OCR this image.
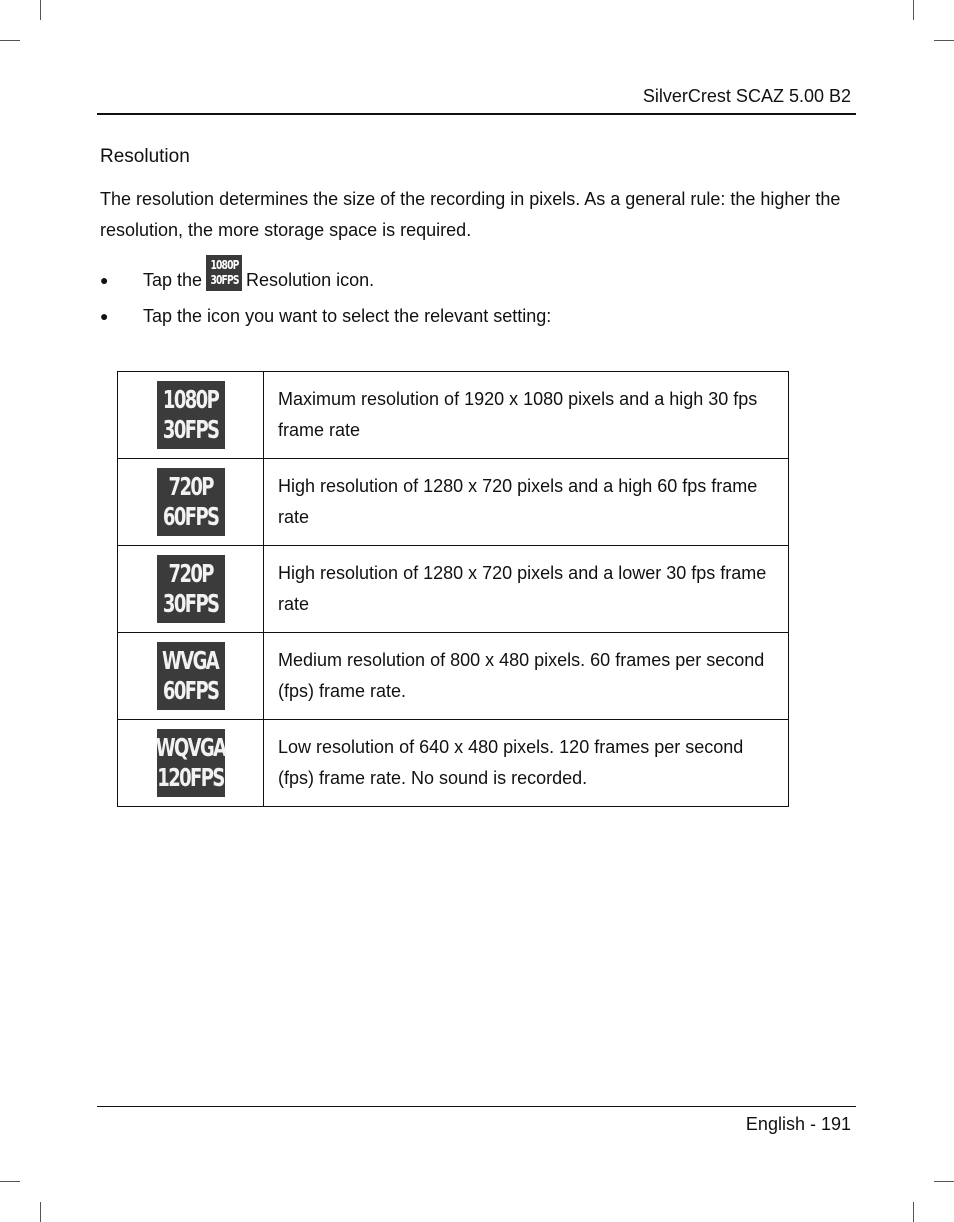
SilverCrest SCAZ 5.00 B2
Resolution
The resolution determines the size of the recording in pixels. As a general rule: the higher the resolution, the more storage space is required.
●	Tap the
1080P
30FPS Resolution icon.
●	Tap the icon you want to select the relevant setting:
1080P
30FPS	Maximum resolution of 1920 x 1080 pixels and a high 30 fps frame rate

720P
60FPS	High resolution of 1280 x 720 pixels and a high 60 fps frame rate

720P
30FPS	High resolution of 1280 x 720 pixels and a lower 30 fps frame rate

WVGA
60FPS	Medium resolution of 800 x 480 pixels. 60 frames per second (fps) frame rate.

WQVGA
120FPS	Low resolution of 640 x 480 pixels. 120 frames per second (fps) frame rate. No sound is recorded.
English - 191
